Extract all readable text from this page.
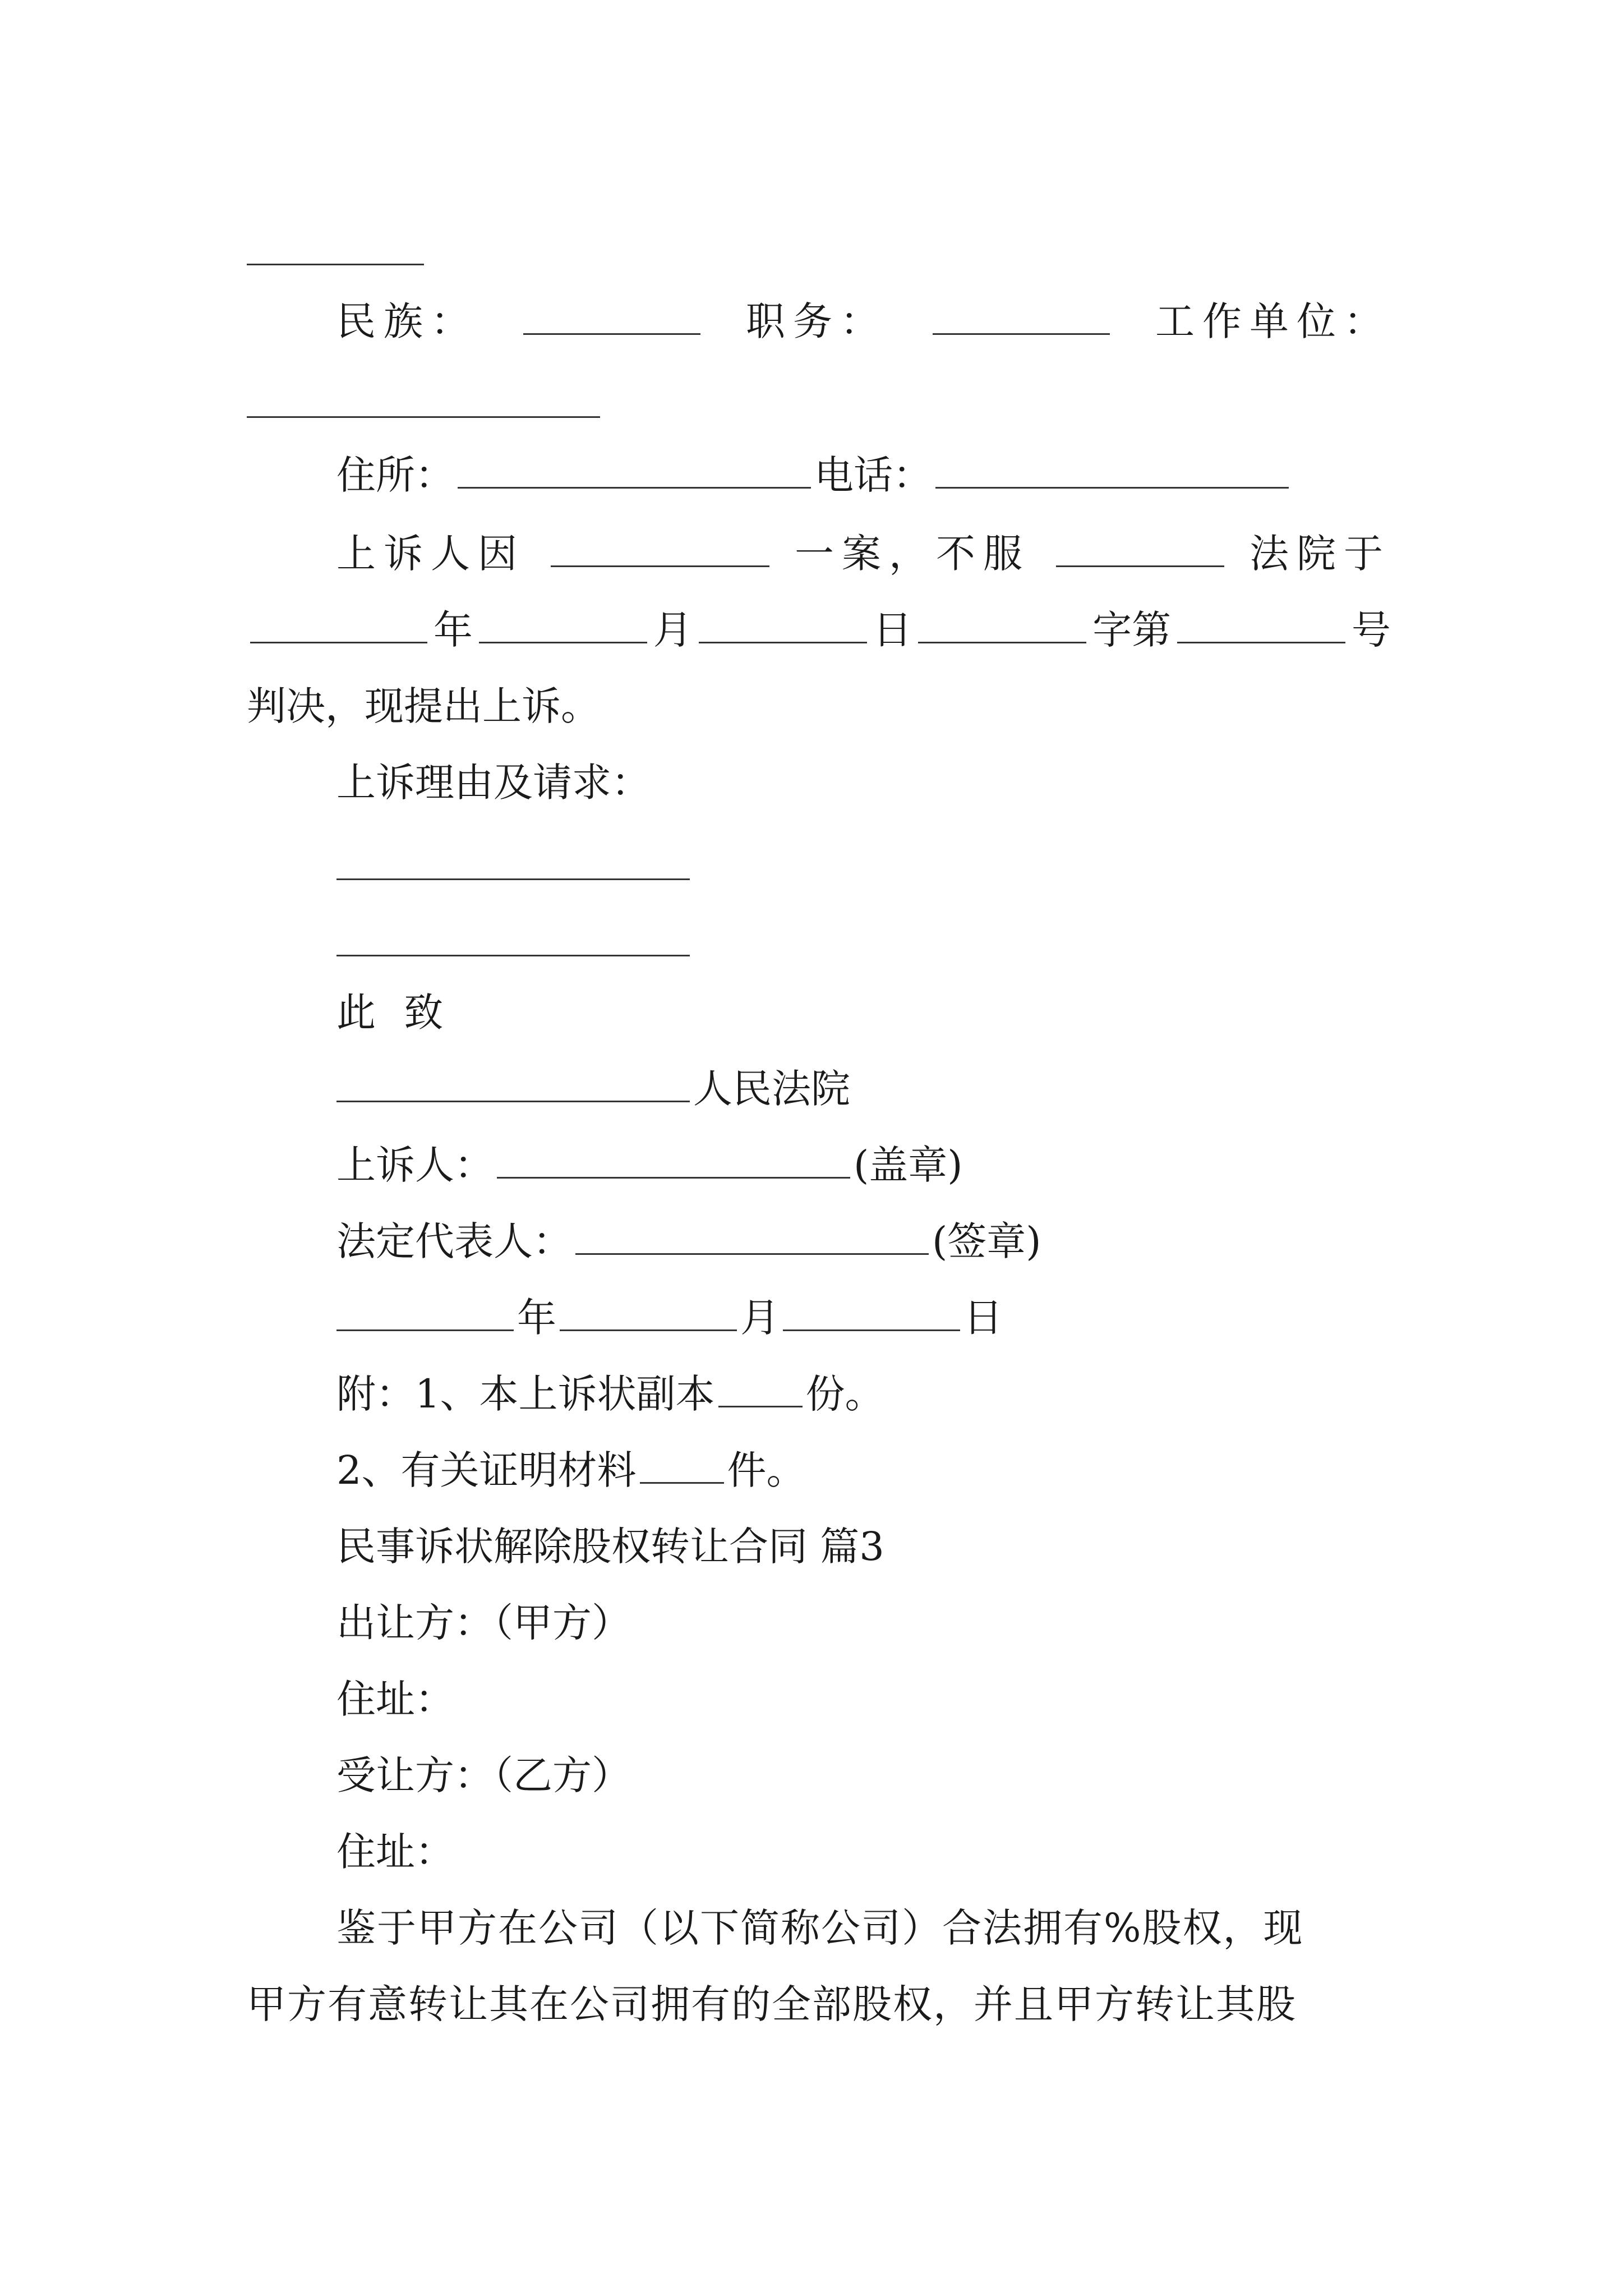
民族：	职务：	工作单位：
住所：	电话：
上诉人因	一案，不服	法院于
年	月	日	字第	号
判决，现提出上诉。
上诉理由及请求：
此 致
人民法院
上诉人：	(盖章)
法定代表人：	(签章)
年	月	日
附：1、本上诉状副本 份。
2、有关证明材料 件。
民事诉状解除股权转让合同 篇3
出让方：（甲方）
住址：
受让方：（乙方）
住址：
鉴于甲方在公司（以下简称公司）合法拥有%股权，现
甲方有意转让其在公司拥有的全部股权，并且甲方转让其股
